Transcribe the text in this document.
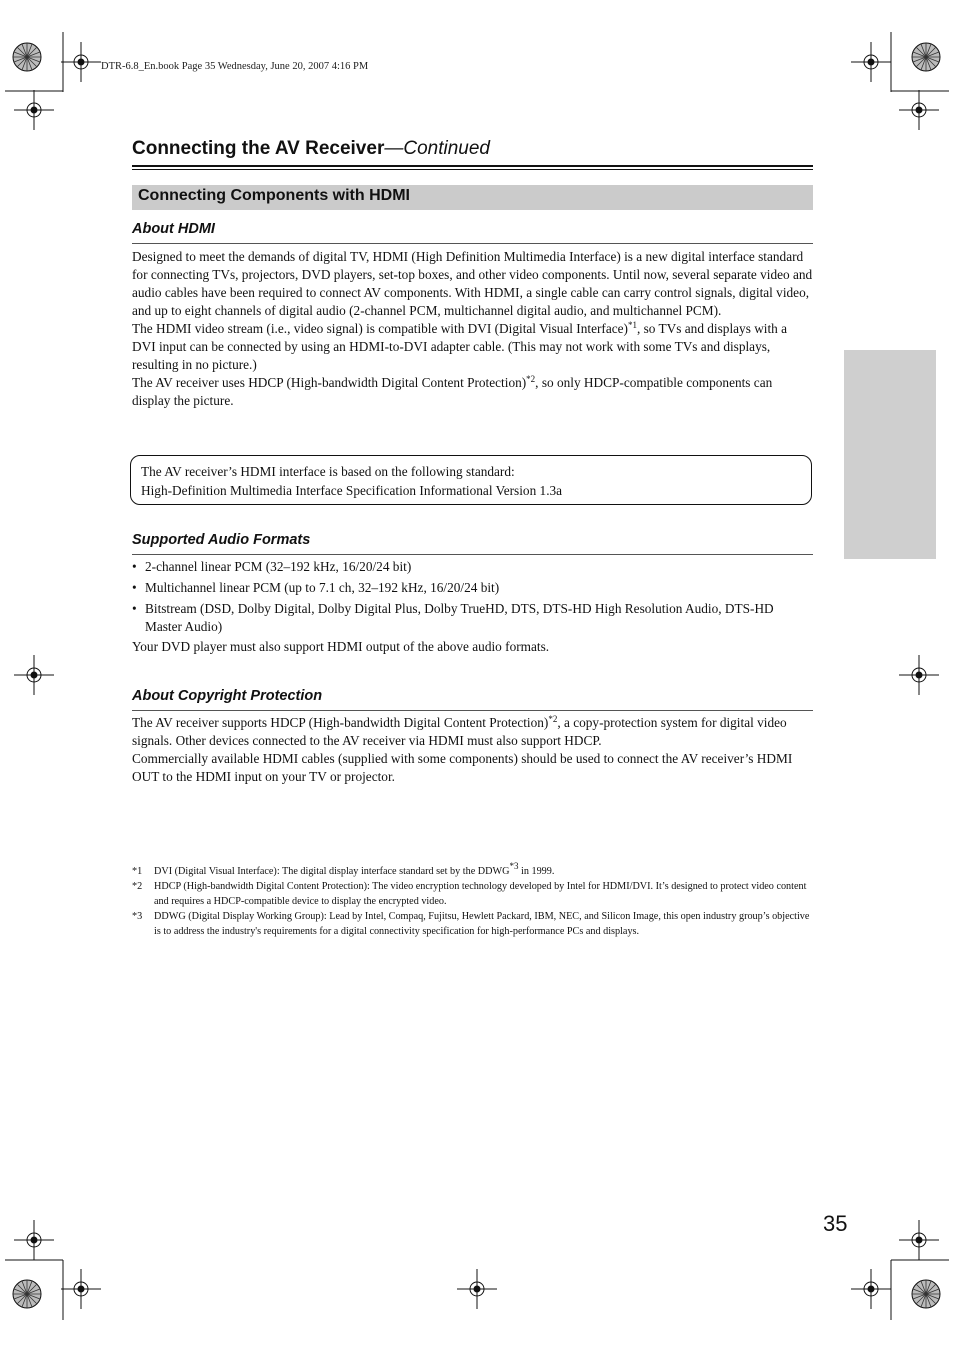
DTR-6.8_En.book Page 35 Wednesday, June 20, 2007 4:16 PM
Connecting the AV Receiver—Continued
Connecting Components with HDMI
About HDMI

Designed to meet the demands of digital TV, HDMI (High Definition Multimedia Interface) is a new digital interface standard for connecting TVs, projectors, DVD players, set-top boxes, and other video components. Until now, several separate video and audio cables have been required to connect AV components. With HDMI, a single cable can carry control signals, digital video, and up to eight channels of digital audio (2-channel PCM, multichannel digital audio, and multichannel PCM).

The HDMI video stream (i.e., video signal) is compatible with DVI (Digital Visual Interface)$^{*1}$, so TVs and displays with a DVI input can be connected by using an HDMI-to-DVI adapter cable. (This may not work with some TVs and displays, resulting in no picture.)

The AV receiver uses HDCP (High-bandwidth Digital Content Protection)$^{*2}$, so only HDCP-compatible components can display the picture.

The AV receiver’s HDMI interface is based on the following standard:
High-Definition Multimedia Interface Specification Informational Version 1.3a
Supported Audio Formats
• 2-channel linear PCM (32–192 kHz, 16/20/24 bit)
• Multichannel linear PCM (up to 7.1 ch, 32–192 kHz, 16/20/24 bit)
• Bitstream (DSD, Dolby Digital, Dolby Digital Plus, Dolby TrueHD, DTS, DTS-HD High Resolution Audio, DTS-HD Master Audio)
Your DVD player must also support HDMI output of the above audio formats.
About Copyright Protection

The AV receiver supports HDCP (High-bandwidth Digital Content Protection)$^{*2}$, a copy-protection system for digital video signals. Other devices connected to the AV receiver via HDMI must also support HDCP.

Commercially available HDMI cables (supplied with some components) should be used to connect the AV receiver’s HDMI OUT to the HDMI input on your TV or projector.

*1 DVI (Digital Visual Interface): The digital display interface standard set by the DDWG$^{*3}$ in 1999.
*2 HDCP (High-bandwidth Digital Content Protection): The video encryption technology developed by Intel for HDMI/DVI. It’s designed to protect video content and requires a HDCP-compatible device to display the encrypted video.
*3 DDWG (Digital Display Working Group): Lead by Intel, Compaq, Fujitsu, Hewlett Packard, IBM, NEC, and Silicon Image, this open industry group’s objective is to address the industry's requirements for a digital connectivity specification for high-performance PCs and displays.
35
